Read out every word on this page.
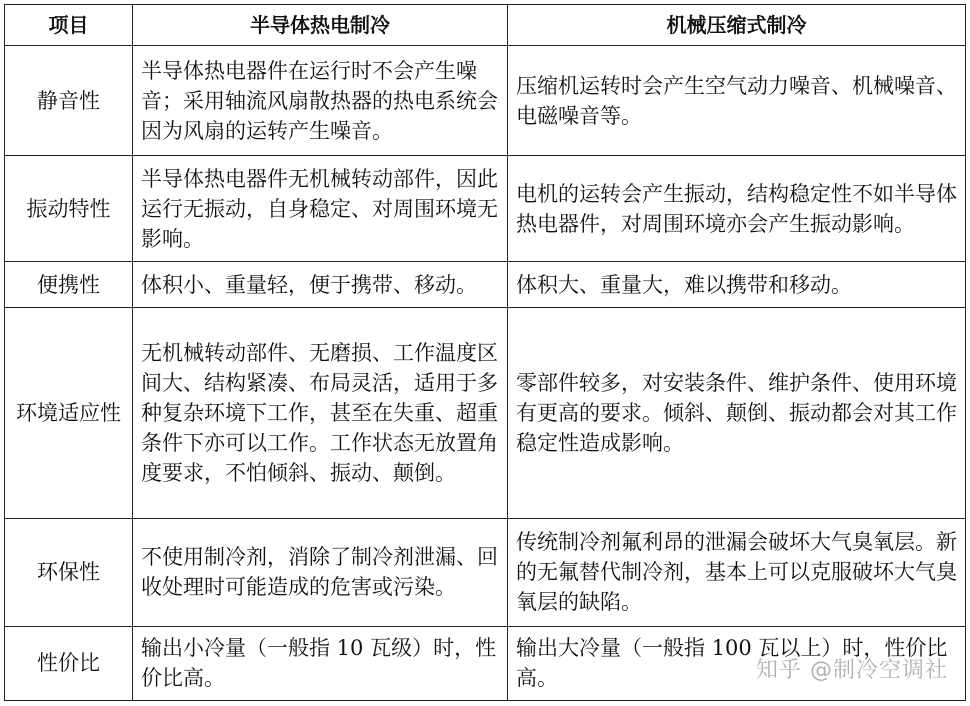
项目	半导体热电制冷	机械压缩式制冷
静音性	半导体热电器件在运行时不会产生噪音；采用轴流风扇散热器的热电系统会因为风扇的运转产生噪音。	压缩机运转时会产生空气动力噪音、机械噪音、电磁噪音等。
振动特性	半导体热电器件无机械转动部件，因此运行无振动，自身稳定、对周围环境无影响。	电机的运转会产生振动，结构稳定性不如半导体热电器件，对周围环境亦会产生振动影响。
便携性	体积小、重量轻，便于携带、移动。	体积大、重量大，难以携带和移动。
环境适应性	无机械转动部件、无磨损、工作温度区间大、结构紧凑、布局灵活，适用于多种复杂环境下工作，甚至在失重、超重条件下亦可以工作。工作状态无放置角度要求，不怕倾斜、振动、颠倒。	零部件较多，对安装条件、维护条件、使用环境有更高的要求。倾斜、颠倒、振动都会对其工作稳定性造成影响。
环保性	不使用制冷剂，消除了制冷剂泄漏、回收处理时可能造成的危害或污染。	传统制冷剂氟利昂的泄漏会破坏大气臭氧层。新的无氟替代制冷剂，基本上可以克服破坏大气臭氧层的缺陷。
性价比	输出小冷量（一般指 10 瓦级）时，性价比高。	输出大冷量（一般指 100 瓦以上）时，性价比高。	知乎 @制冷空调社
